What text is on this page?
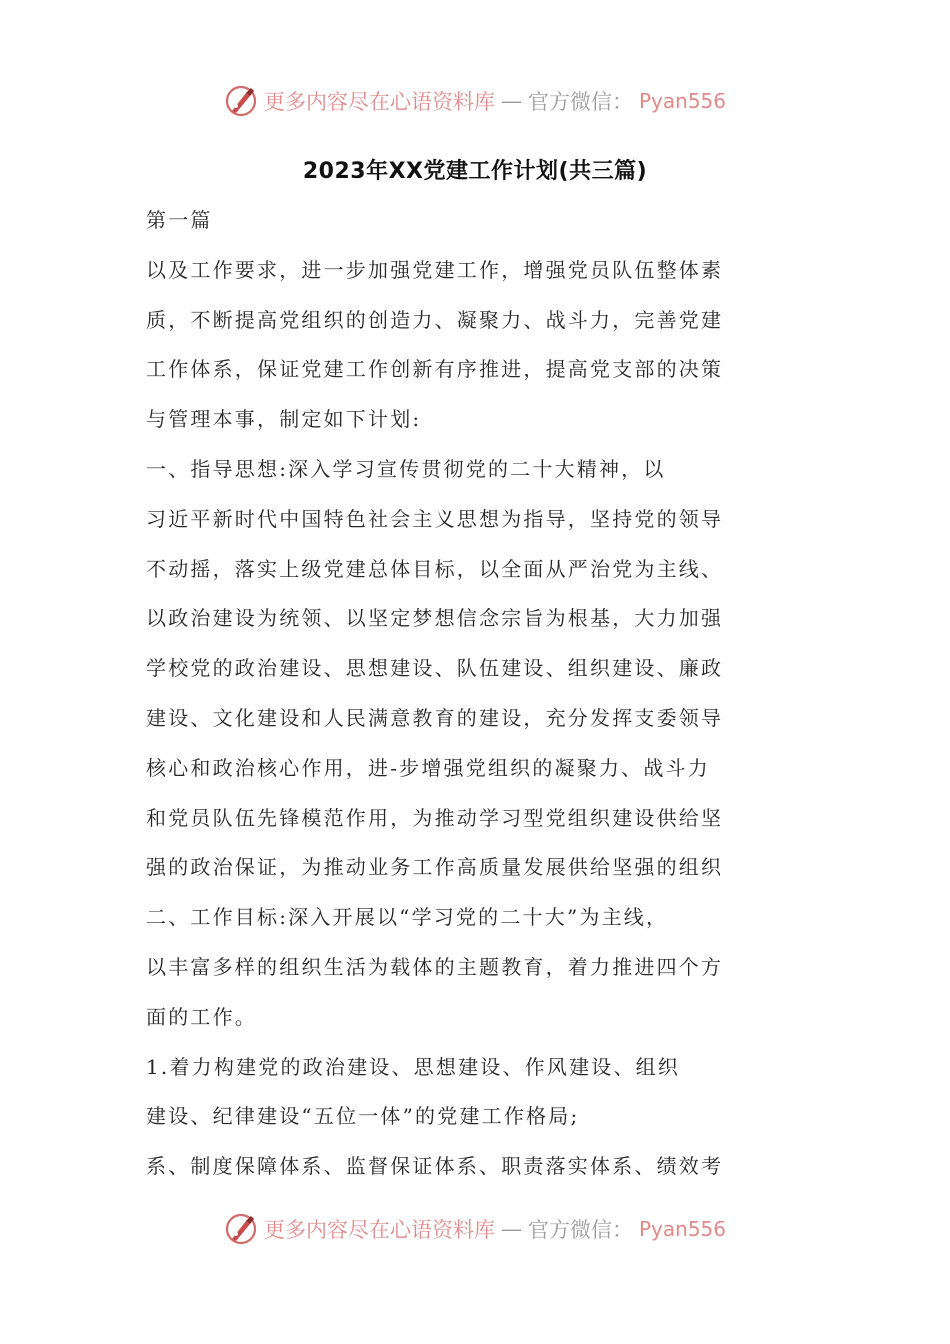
更多内容尽在心语资料库 — 官方微信： Pyan556
2023年XX党建工作计划(共三篇)
第一篇
以及工作要求，进一步加强党建工作，增强党员队伍整体素
质，不断提高党组织的创造力、凝聚力、战斗力，完善党建
工作体系，保证党建工作创新有序推进，提高党支部的决策
与管理本事，制定如下计划:
一、指导思想:深入学习宣传贯彻党的二十大精神，以
习近平新时代中国特色社会主义思想为指导，坚持党的领导
不动摇，落实上级党建总体目标，以全面从严治党为主线、
以政治建设为统领、以坚定梦想信念宗旨为根基，大力加强
学校党的政治建设、思想建设、队伍建设、组织建设、廉政
建设、文化建设和人民满意教育的建设，充分发挥支委领导
核心和政治核心作用，进-步增强党组织的凝聚力、战斗力
和党员队伍先锋模范作用，为推动学习型党组织建设供给坚
强的政治保证，为推动业务工作高质量发展供给坚强的组织
二、工作目标:深入开展以“学习党的二十大”为主线，
以丰富多样的组织生活为载体的主题教育，着力推进四个方
面的工作。
1.着力构建党的政治建设、思想建设、作风建设、组织
建设、纪律建设“五位一体”的党建工作格局;
系、制度保障体系、监督保证体系、职责落实体系、绩效考
更多内容尽在心语资料库 — 官方微信： Pyan556
